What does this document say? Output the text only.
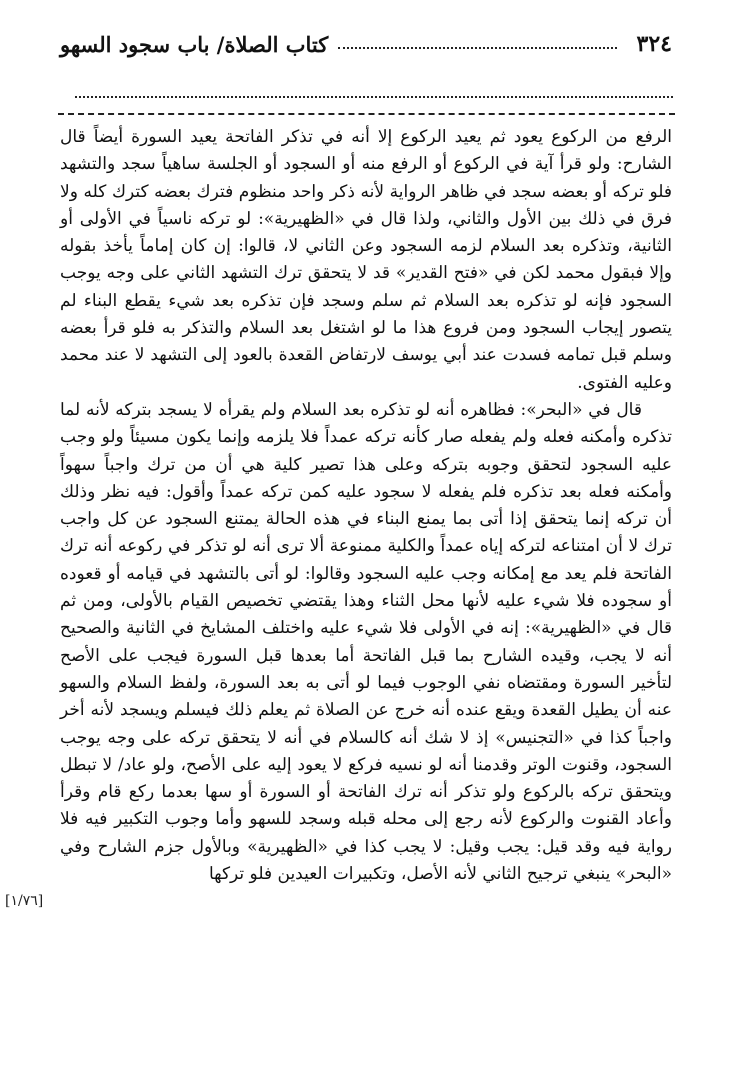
٣٢٤
كتاب الصلاة/ باب سجود السهو

الرفع من الركوع يعود ثم يعيد الركوع إلا أنه في تذكر الفاتحة يعيد السورة أيضاً قال الشارح: ولو قرأ آية في الركوع أو الرفع منه أو السجود أو الجلسة ساهياً سجد والتشهد فلو تركه أو بعضه سجد في ظاهر الرواية لأنه ذكر واحد منظوم فترك بعضه كترك كله ولا فرق في ذلك بين الأول والثاني، ولذا قال في «الظهيرية»: لو تركه ناسياً في الأولى أو الثانية، وتذكره بعد السلام لزمه السجود وعن الثاني لا، قالوا: إن كان إماماً يأخذ بقوله وإلا فبقول محمد لكن في «فتح القدير» قد لا يتحقق ترك التشهد الثاني على وجه يوجب السجود فإنه لو تذكره بعد السلام ثم سلم وسجد فإن تذكره بعد شيء يقطع البناء لم يتصور إيجاب السجود ومن فروع هذا ما لو اشتغل بعد السلام والتذكر به فلو قرأ بعضه وسلم قبل تمامه فسدت عند أبي يوسف لارتفاض القعدة بالعود إلى التشهد لا عند محمد وعليه الفتوى.

قال في «البحر»: فظاهره أنه لو تذكره بعد السلام ولم يقرأه لا يسجد بتركه لأنه لما تذكره وأمكنه فعله ولم يفعله صار كأنه تركه عمداً فلا يلزمه وإنما يكون مسيئاً ولو وجب عليه السجود لتحقق وجوبه بتركه وعلى هذا تصير كلية هي أن من ترك واجباً سهواً وأمكنه فعله بعد تذكره فلم يفعله لا سجود عليه كمن تركه عمداً وأقول: فيه نظر وذلك أن تركه إنما يتحقق إذا أتى بما يمنع البناء في هذه الحالة يمتنع السجود عن كل واجب ترك لا أن امتناعه لتركه إياه عمداً والكلية ممنوعة ألا ترى أنه لو تذكر في ركوعه أنه ترك الفاتحة فلم يعد مع إمكانه وجب عليه السجود وقالوا: لو أتى بالتشهد في قيامه أو قعوده أو سجوده فلا شيء عليه لأنها محل الثناء وهذا يقتضي تخصيص القيام بالأولى، ومن ثم قال في «الظهيرية»: إنه في الأولى فلا شيء عليه واختلف المشايخ في الثانية والصحيح أنه لا يجب، وقيده الشارح بما قبل الفاتحة أما بعدها قبل السورة فيجب على الأصح لتأخير السورة ومقتضاه نفي الوجوب فيما لو أتى به بعد السورة، ولفظ السلام والسهو عنه أن يطيل القعدة ويقع عنده أنه خرج عن الصلاة ثم يعلم ذلك فيسلم ويسجد لأنه أخر واجباً كذا في «التجنيس» إذ لا شك أنه كالسلام في أنه لا يتحقق تركه على وجه يوجب السجود، وقنوت الوتر وقدمنا أنه لو نسيه فركع لا يعود إليه على الأصح، ولو عاد/ لا تبطل ويتحقق تركه بالركوع ولو تذكر أنه ترك الفاتحة أو السورة أو سها بعدما ركع قام وقرأ وأعاد القنوت والركوع لأنه رجع إلى محله قبله وسجد للسهو وأما وجوب التكبير فيه فلا رواية فيه وقد قيل: يجب وقيل: لا يجب كذا في «الظهيرية» وبالأول جزم الشارح وفي «البحر» ينبغي ترجيح الثاني لأنه الأصل، وتكبيرات العيدين فلو تركها

[١/٧٦]
